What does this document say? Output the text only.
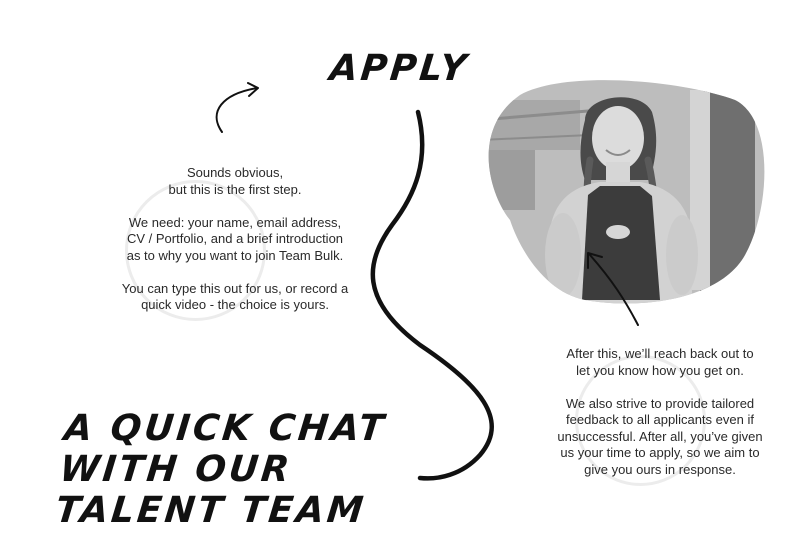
APPLY
Sounds obvious,
but this is the first step.

We need: your name, email address,
CV / Portfolio, and a brief introduction
as to why you want to join Team Bulk.

You can type this out for us, or record a
quick video - the choice is yours.
A QUICK CHAT WITH OUR TALENT TEAM
After this, we’ll reach back out to
let you know how you get on.

We also strive to provide tailored
feedback to all applicants even if
unsuccessful. After all, you’ve given
us your time to apply, so we aim to
give you ours in response.
